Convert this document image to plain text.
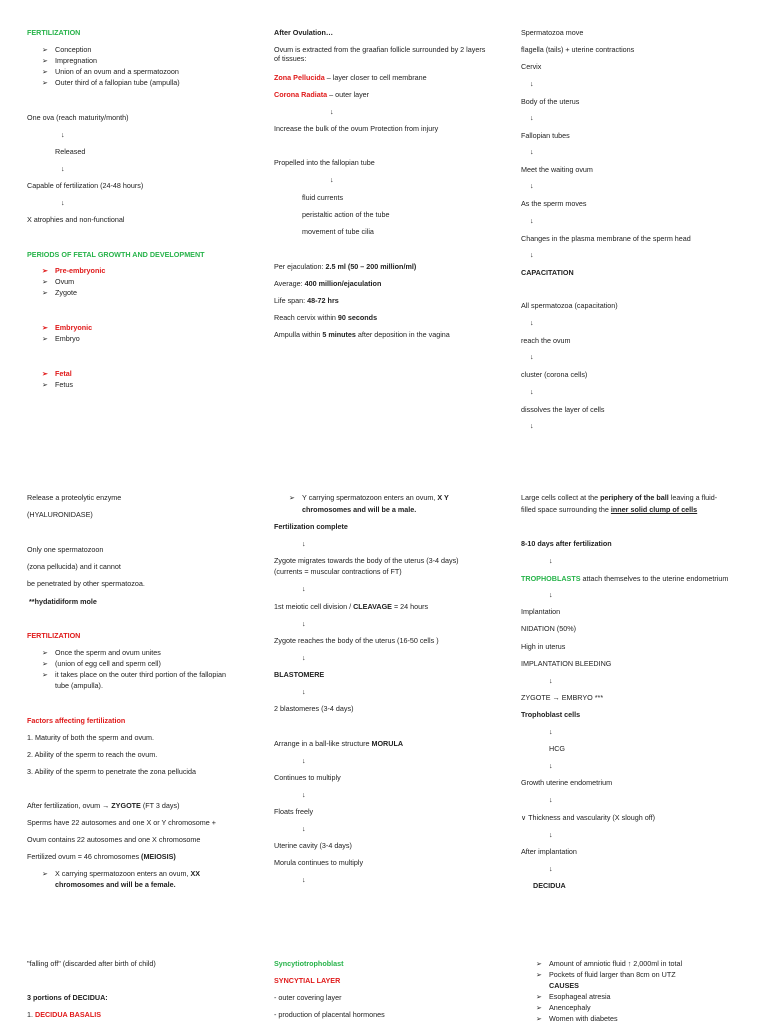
FERTILIZATION
➢ Conception
➢ Impregnation
➢ Union of an ovum and a spermatozoon
➢ Outer third of a fallopian tube (ampulla)
One ova (reach maturity/month)
↓
Released
↓
Capable of fertilization (24-48 hours)
↓
X atrophies and non-functional
PERIODS OF FETAL GROWTH AND DEVELOPMENT
➢ Pre-embryonic
➢ Ovum
➢ Zygote
➢ Embryonic
➢ Embryo
➢ Fetal
➢ Fetus
After Ovulation…
Ovum is extracted from the graafian follicle surrounded by 2 layers of tissues:
Zona Pellucida – layer closer to cell membrane
Corona Radiata – outer layer
↓
Increase the bulk of the ovum Protection from injury
Propelled into the fallopian tube
↓
fluid currents
peristaltic action of the tube
movement of tube cilia
Per ejaculation: 2.5 ml (50 – 200 million/ml)
Average: 400 million/ejaculation
Life span: 48-72 hrs
Reach cervix within 90 seconds
Ampulla within 5 minutes after deposition in the vagina
Spermatozoa move
flagella (tails) + uterine contractions
Cervix
↓
Body of the uterus
↓
Fallopian tubes
↓
Meet the waiting ovum
↓
As the sperm moves
↓
Changes in the plasma membrane of the sperm head
↓
CAPACITATION
All spermatozoa (capacitation)
↓
reach the ovum
↓
cluster (corona cells)
↓
dissolves the layer of cells
↓
Release a proteolytic enzyme
(HYALURONIDASE)
Only one spermatozoon
(zona pellucida) and it cannot
be penetrated by other spermatozoa.
**hydatidiform mole
FERTILIZATION
➢ Once the sperm and ovum unites
➢ (union of egg cell and sperm cell)
➢ it takes place on the outer third portion of the fallopian
tube (ampulla).
Factors affecting fertilization
1. Maturity of both the sperm and ovum.
2. Ability of the sperm to reach the ovum.
3. Ability of the sperm to penetrate the zona pellucida
After fertilization, ovum → ZYGOTE (FT 3 days)
Sperms have 22 autosomes and one X or Y chromosome +
Ovum contains 22 autosomes and one X chromosome
Fertilized ovum = 46 chromosomes (MEIOSIS)
➢ X carrying spermatozoon enters an ovum, XX
chromosomes and will be a female.
➢ Y carrying spermatozoon enters an ovum, X Y
chromosomes and will be a male.
Fertilization complete
↓
Zygote migrates towards the body of the uterus (3-4 days)
(currents = muscular contractions of FT)
↓
1st meiotic cell division / CLEAVAGE = 24 hours
↓
Zygote reaches the body of the uterus (16-50 cells )
↓
BLASTOMERE
↓
2 blastomeres (3-4 days)
Arrange in a ball-like structure MORULA
↓
Continues to multiply
↓
Floats freely
↓
Uterine cavity (3-4 days)
Morula continues to multiply
↓
Large cells collect at the periphery of the ball leaving a fluid-
filled space surrounding the inner solid clump of cells
8-10 days after fertilization
↓
TROPHOBLASTS attach themselves to the uterine endometrium
↓
Implantation
NIDATION (50%)
High in uterus
IMPLANTATION BLEEDING
↓
ZYGOTE → EMBRYO ***
Trophoblast cells
↓
HCG
↓
Growth uterine endometrium
↓
∨ Thickness and vascularity (X slough off)
↓
After implantation
↓
DECIDUA
"falling off" (discarded after birth of child)
3 portions of DECIDUA:
1. DECIDUA BASALIS
Syncytiotrophoblast
SYNCYTIAL LAYER
- outer covering layer
- production of placental hormones
➢ Amount of amniotic fluid ↑ 2,000ml in total
➢ Pockets of fluid larger than 8cm on UTZ
CAUSES
➢ Esophageal atresia
➢ Anencephaly
➢ Women with diabetes
